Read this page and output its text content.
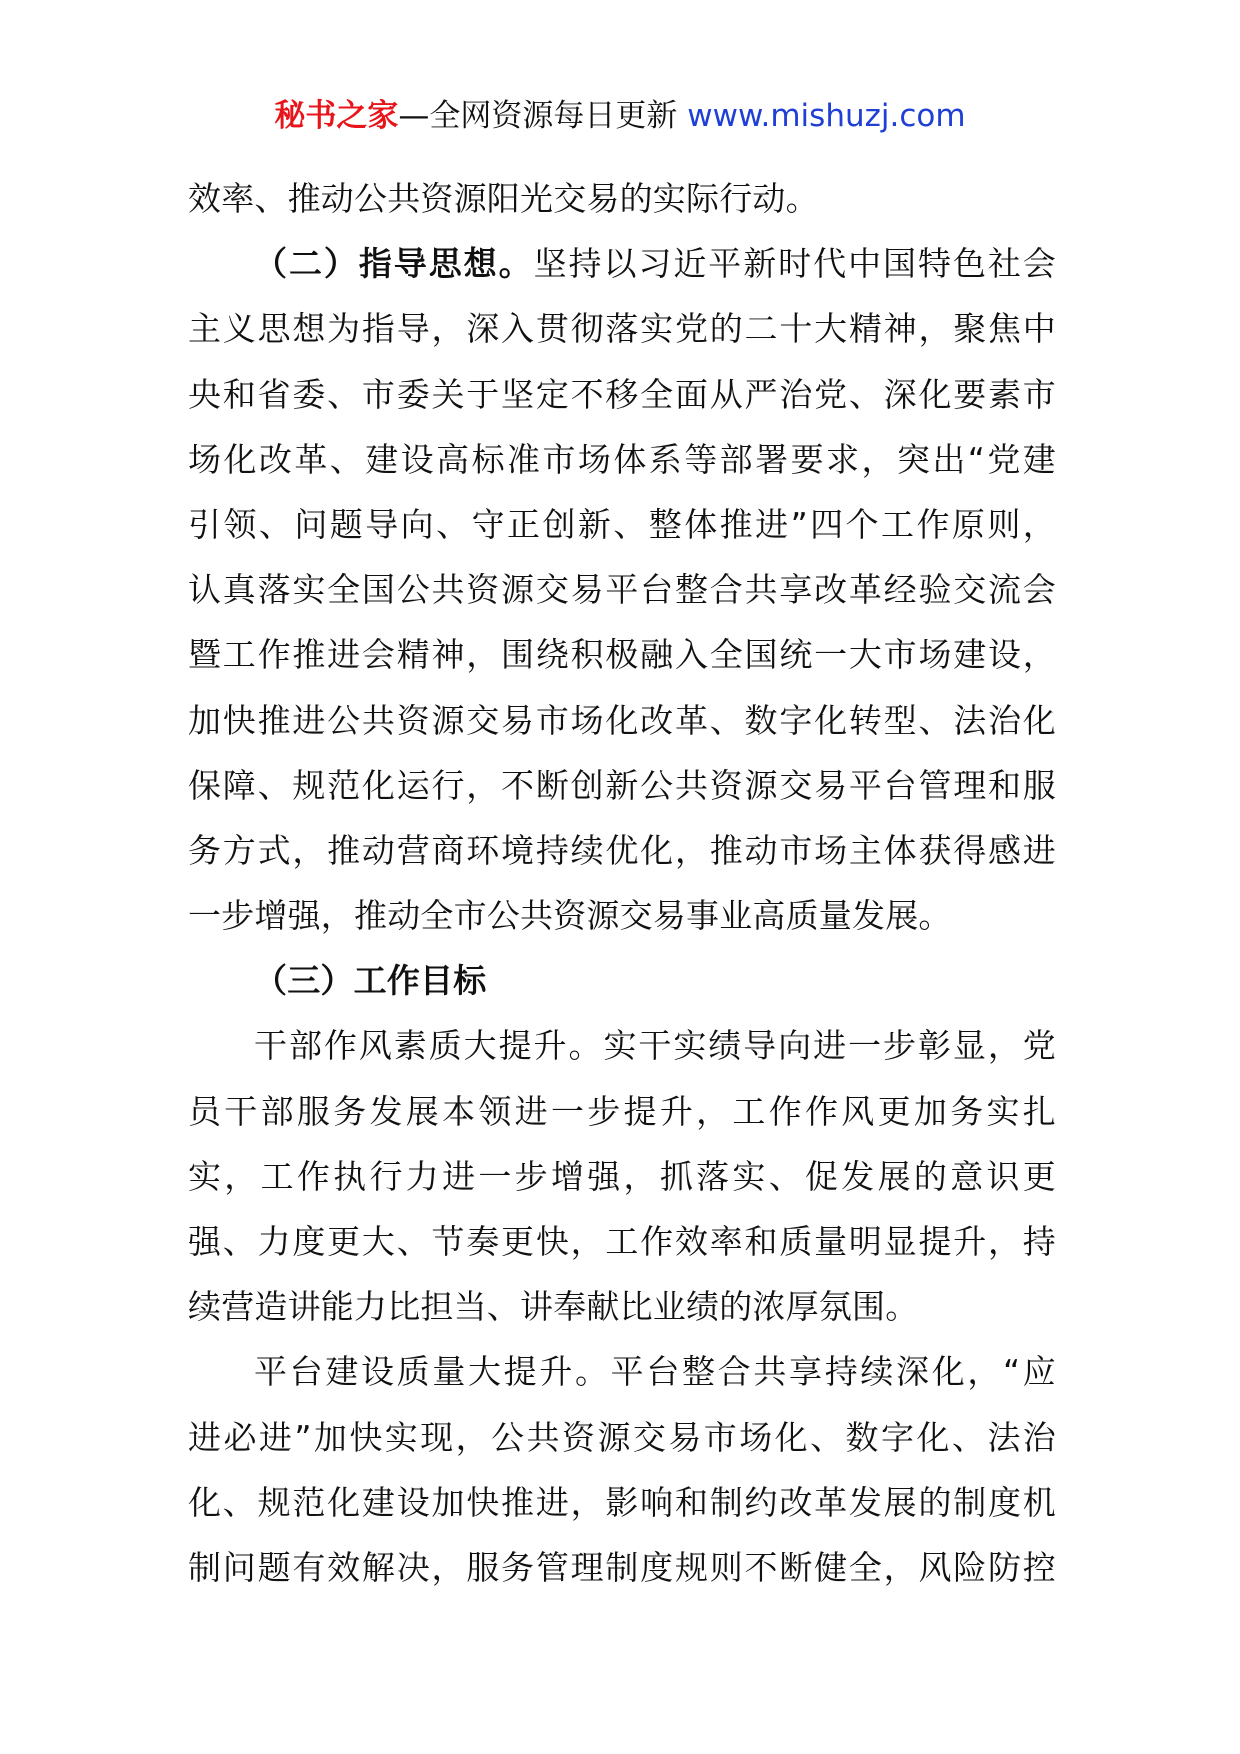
秘书之家—全网资源每日更新 www.mishuzj.com
效率、推动公共资源阳光交易的实际行动。
（二）指导思想。坚持以习近平新时代中国特色社会
主义思想为指导，深入贯彻落实党的二十大精神，聚焦中
央和省委、市委关于坚定不移全面从严治党、深化要素市
场化改革、建设高标准市场体系等部署要求，突出“党建
引领、问题导向、守正创新、整体推进”四个工作原则，
认真落实全国公共资源交易平台整合共享改革经验交流会
暨工作推进会精神，围绕积极融入全国统一大市场建设，
加快推进公共资源交易市场化改革、数字化转型、法治化
保障、规范化运行，不断创新公共资源交易平台管理和服
务方式，推动营商环境持续优化，推动市场主体获得感进
一步增强，推动全市公共资源交易事业高质量发展。
（三）工作目标
干部作风素质大提升。实干实绩导向进一步彰显，党
员干部服务发展本领进一步提升，工作作风更加务实扎
实，工作执行力进一步增强，抓落实、促发展的意识更
强、力度更大、节奏更快，工作效率和质量明显提升，持
续营造讲能力比担当、讲奉献比业绩的浓厚氛围。
平台建设质量大提升。平台整合共享持续深化，“应
进必进”加快实现，公共资源交易市场化、数字化、法治
化、规范化建设加快推进，影响和制约改革发展的制度机
制问题有效解决，服务管理制度规则不断健全，风险防控
